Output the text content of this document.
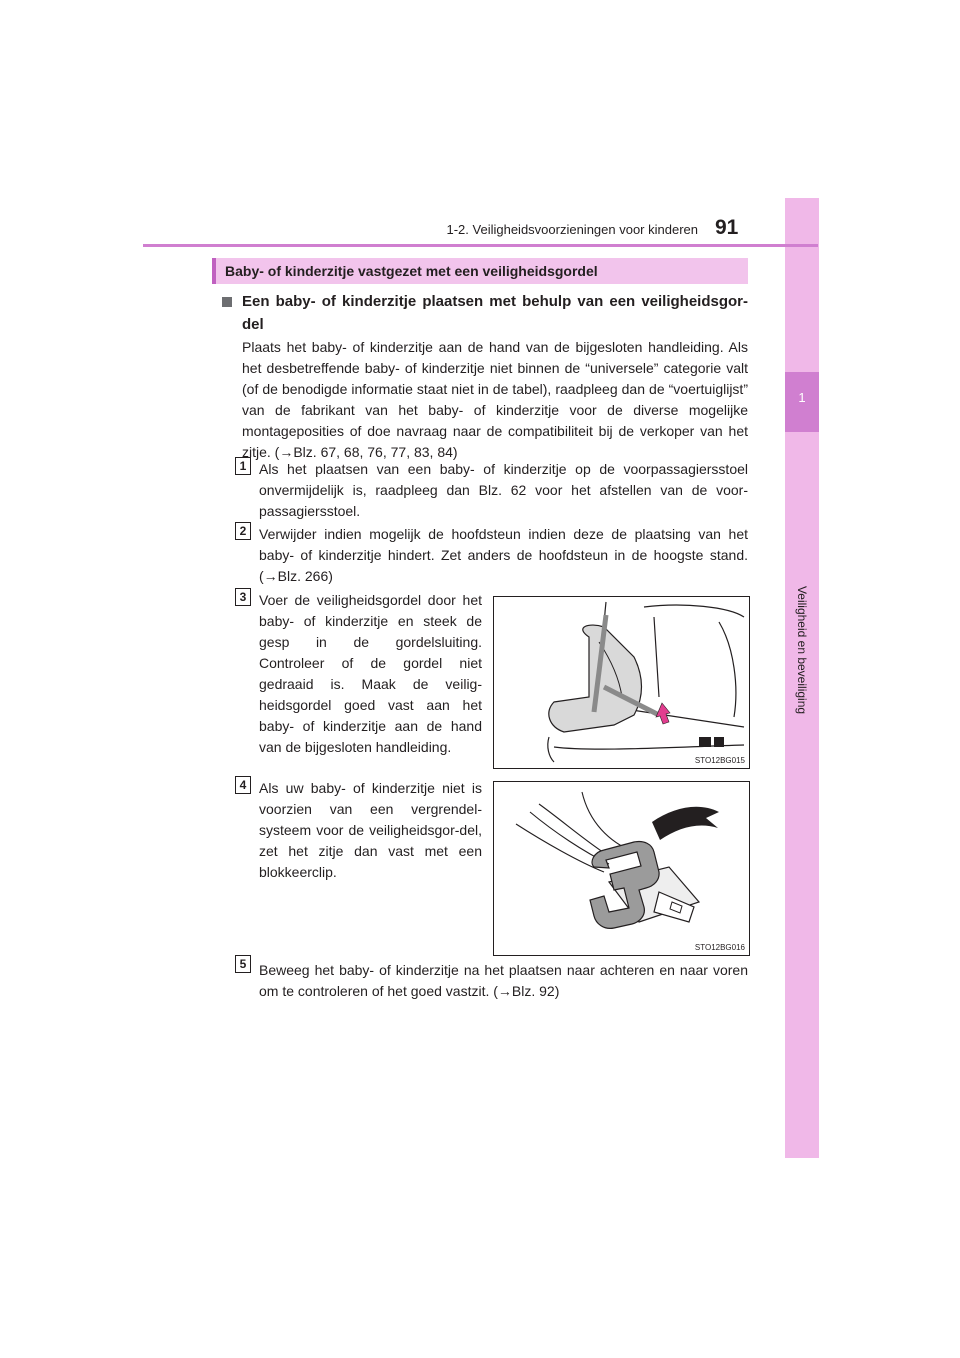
1
Veiligheid en beveiliging
1-2. Veiligheidsvoorzieningen voor kinderen 91
Baby- of kinderzitje vastgezet met een veiligheidsgordel
Een baby- of kinderzitje plaatsen met behulp van een veiligheidsgor-del
Plaats het baby- of kinderzitje aan de hand van de bijgesloten handleiding. Als het desbetreffende baby- of kinderzitje niet binnen de “universele” categorie valt (of de benodigde informatie staat niet in de tabel), raadpleeg dan de “voertuiglijst” van de fabrikant van het baby- of kinderzitje voor de diverse mogelijke montageposities of doe navraag naar de compatibiliteit bij de verkoper van het zitje. (→Blz. 67, 68, 76, 77, 83, 84)
1 Als het plaatsen van een baby- of kinderzitje op de voorpassagiersstoel onvermijdelijk is, raadpleeg dan Blz. 62 voor het afstellen van de voor-passagiersstoel.
2 Verwijder indien mogelijk de hoofdsteun indien deze de plaatsing van het baby- of kinderzitje hindert. Zet anders de hoofdsteun in de hoogste stand. (→Blz. 266)
3 Voer de veiligheidsgordel door het baby- of kinderzitje en steek de gesp in de gordelsluiting. Controleer of de gordel niet gedraaid is. Maak de veilig-heidsgordel goed vast aan het baby- of kinderzitje aan de hand van de bijgesloten handleiding.
4 Als uw baby- of kinderzitje niet is voorzien van een vergrendel-systeem voor de veiligheidsgor-del, zet het zitje dan vast met een blokkeerclip.
5 Beweeg het baby- of kinderzitje na het plaatsen naar achteren en naar voren om te controleren of het goed vastzit. (→Blz. 92)
STO12BG015
STO12BG016
